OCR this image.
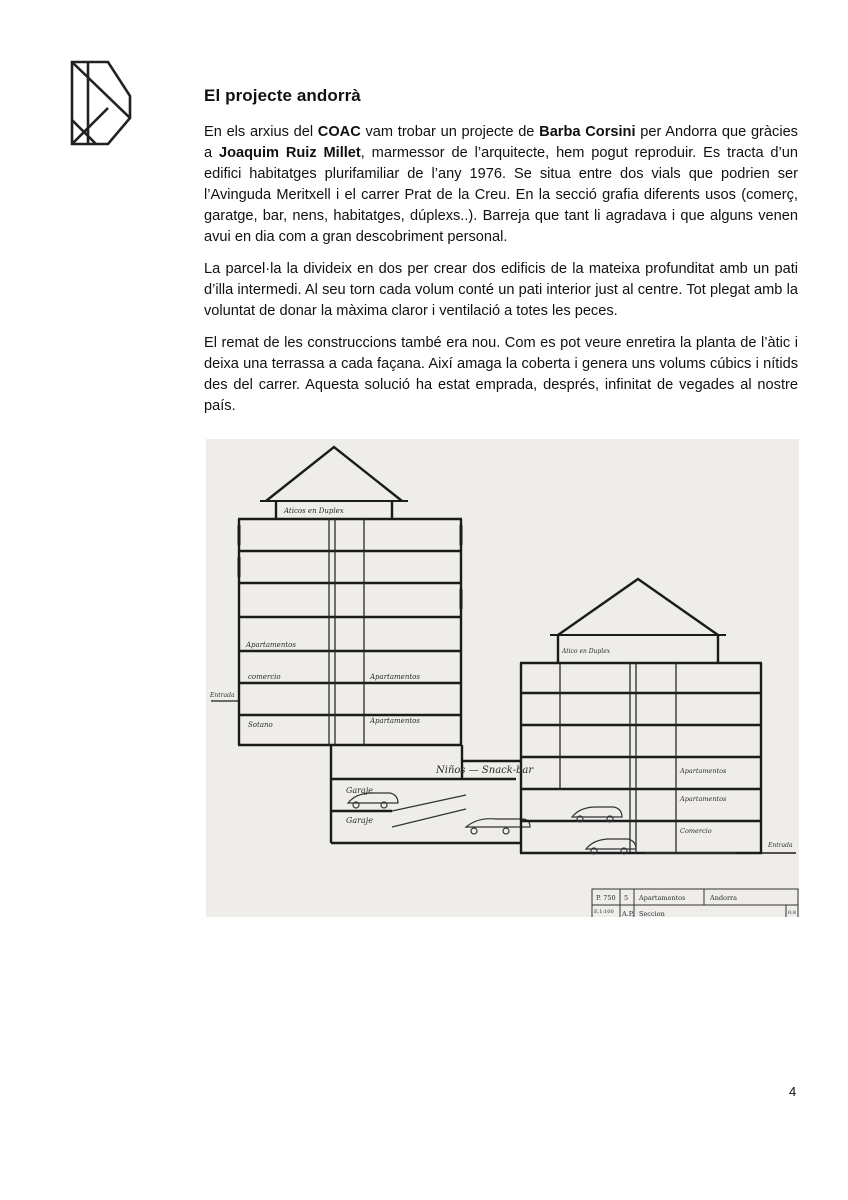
El projecte andorrà

En els arxius del COAC vam trobar un projecte de Barba Corsini per Andorra que gràcies a Joaquim Ruiz Millet, marmessor de l’arquitecte, hem pogut reproduir. Es tracta d’un edifici habitatges plurifamiliar de l’any 1976. Se situa entre dos vials que podrien ser l’Avinguda Meritxell i el carrer Prat de la Creu. En la secció grafia diferents usos (comerç, garatge, bar, nens, habitatges, dúplexs..). Barreja que tant li agradava i que alguns venen avui en dia com a gran descobriment personal.

La parcel·la la divideix en dos per crear dos edificis de la mateixa profunditat amb un pati d’illa intermedi. Al seu torn cada volum conté un pati interior just al centre. Tot plegat amb la voluntat de donar la màxima claror i ventilació a totes les peces.

El remat de les construccions també era nou. Com es pot veure enretira la planta de l’àtic i deixa una terrassa a cada façana. Així amaga la coberta i genera uns volums cúbics i nítids des del carrer. Aquesta solució ha estat emprada, després, infinitat de vegades al nostre país.

Aticos en Duplex
Apartamentos
comercio
Entrada
Sotano
Apartamentos
Apartamentos
Niños — Snack-bar
Garaje
Garaje
Atico en Duplex
Apartamentos
Apartamentos
Comercio
Entrada
P. 750 5 Apartamentos	Andorra
E.1:100 A.P. Seccion	0.8
4
